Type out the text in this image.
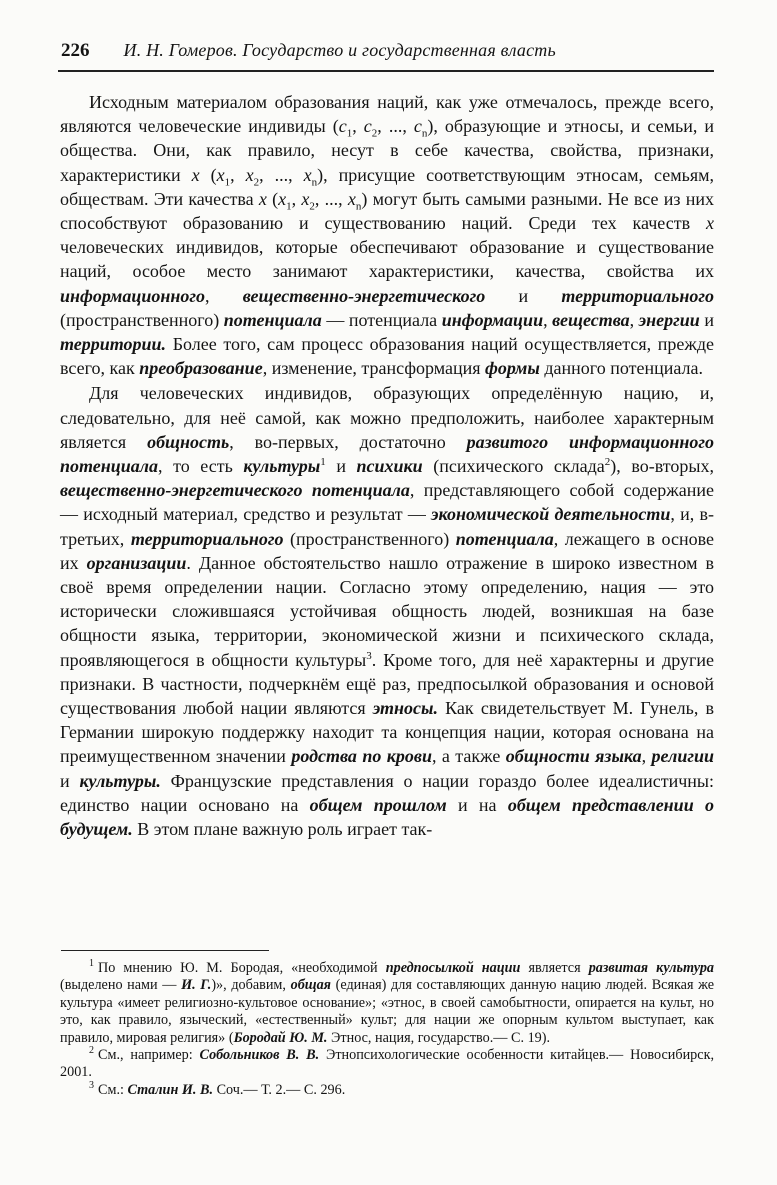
226 И. Н. Гомеров. Государство и государственная власть

Исходным материалом образования наций, как уже отмечалось, прежде всего, являются человеческие индивиды ($c_1$, $c_2$, ..., $c_n$), образующие и этносы, и семьи, и общества. Они, как правило, несут в себе качества, свойства, признаки, характеристики x ($x_1$, $x_2$, ..., $x_n$), присущие соответствующим этносам, семьям, обществам. Эти качества x ($x_1$, $x_2$, ..., $x_n$) могут быть самыми разными. Не все из них способствуют образованию и существованию наций. Среди тех качеств x человеческих индивидов, которые обеспечивают образование и существование наций, особое место занимают характеристики, качества, свойства их информационного, вещественно-энергетического и территориального (пространственного) потенциала — потенциала информации, вещества, энергии и территории. Более того, сам процесс образования наций осуществляется, прежде всего, как преобразование, изменение, трансформация формы данного потенциала.

Для человеческих индивидов, образующих определённую нацию, и, следовательно, для неё самой, как можно предположить, наиболее характерным является общность, во-первых, достаточно развитого информационного потенциала, то есть культуры$^1$ и психики (психического склада$^2$), во-вторых, вещественно-энергетического потенциала, представляющего собой содержание — исходный материал, средство и результат — экономической деятельности, и, в-третьих, территориального (пространственного) потенциала, лежащего в основе их организации. Данное обстоятельство нашло отражение в широко известном в своё время определении нации. Согласно этому определению, нация — это исторически сложившаяся устойчивая общность людей, возникшая на базе общности языка, территории, экономической жизни и психического склада, проявляющегося в общности культуры$^3$. Кроме того, для неё характерны и другие признаки. В частности, подчеркнём ещё раз, предпосылкой образования и основой существования любой нации являются этносы. Как свидетельствует М. Гунель, в Германии широкую поддержку находит та концепция нации, которая основана на преимущественном значении родства по крови, а также общности языка, религии и культуры. Французские представления о нации гораздо более идеалистичны: единство нации основано на общем прошлом и на общем представлении о будущем. В этом плане важную роль играет так-

$^1$ По мнению Ю. М. Бородая, «необходимой предпосылкой нации является развитая культура (выделено нами — И. Г.)», добавим, общая (единая) для составляющих данную нацию людей. Всякая же культура «имеет религиозно-культовое основание»; «этнос, в своей самобытности, опирается на культ, но это, как правило, языческий, «естественный» культ; для нации же опорным культом выступает, как правило, мировая религия» (Бородай Ю. М. Этнос, нация, государство.— С. 19).

$^2$ См., например: Собольников В. В. Этнопсихологические особенности китайцев.— Новосибирск, 2001.

$^3$ См.: Сталин И. В. Соч.— Т. 2.— С. 296.
